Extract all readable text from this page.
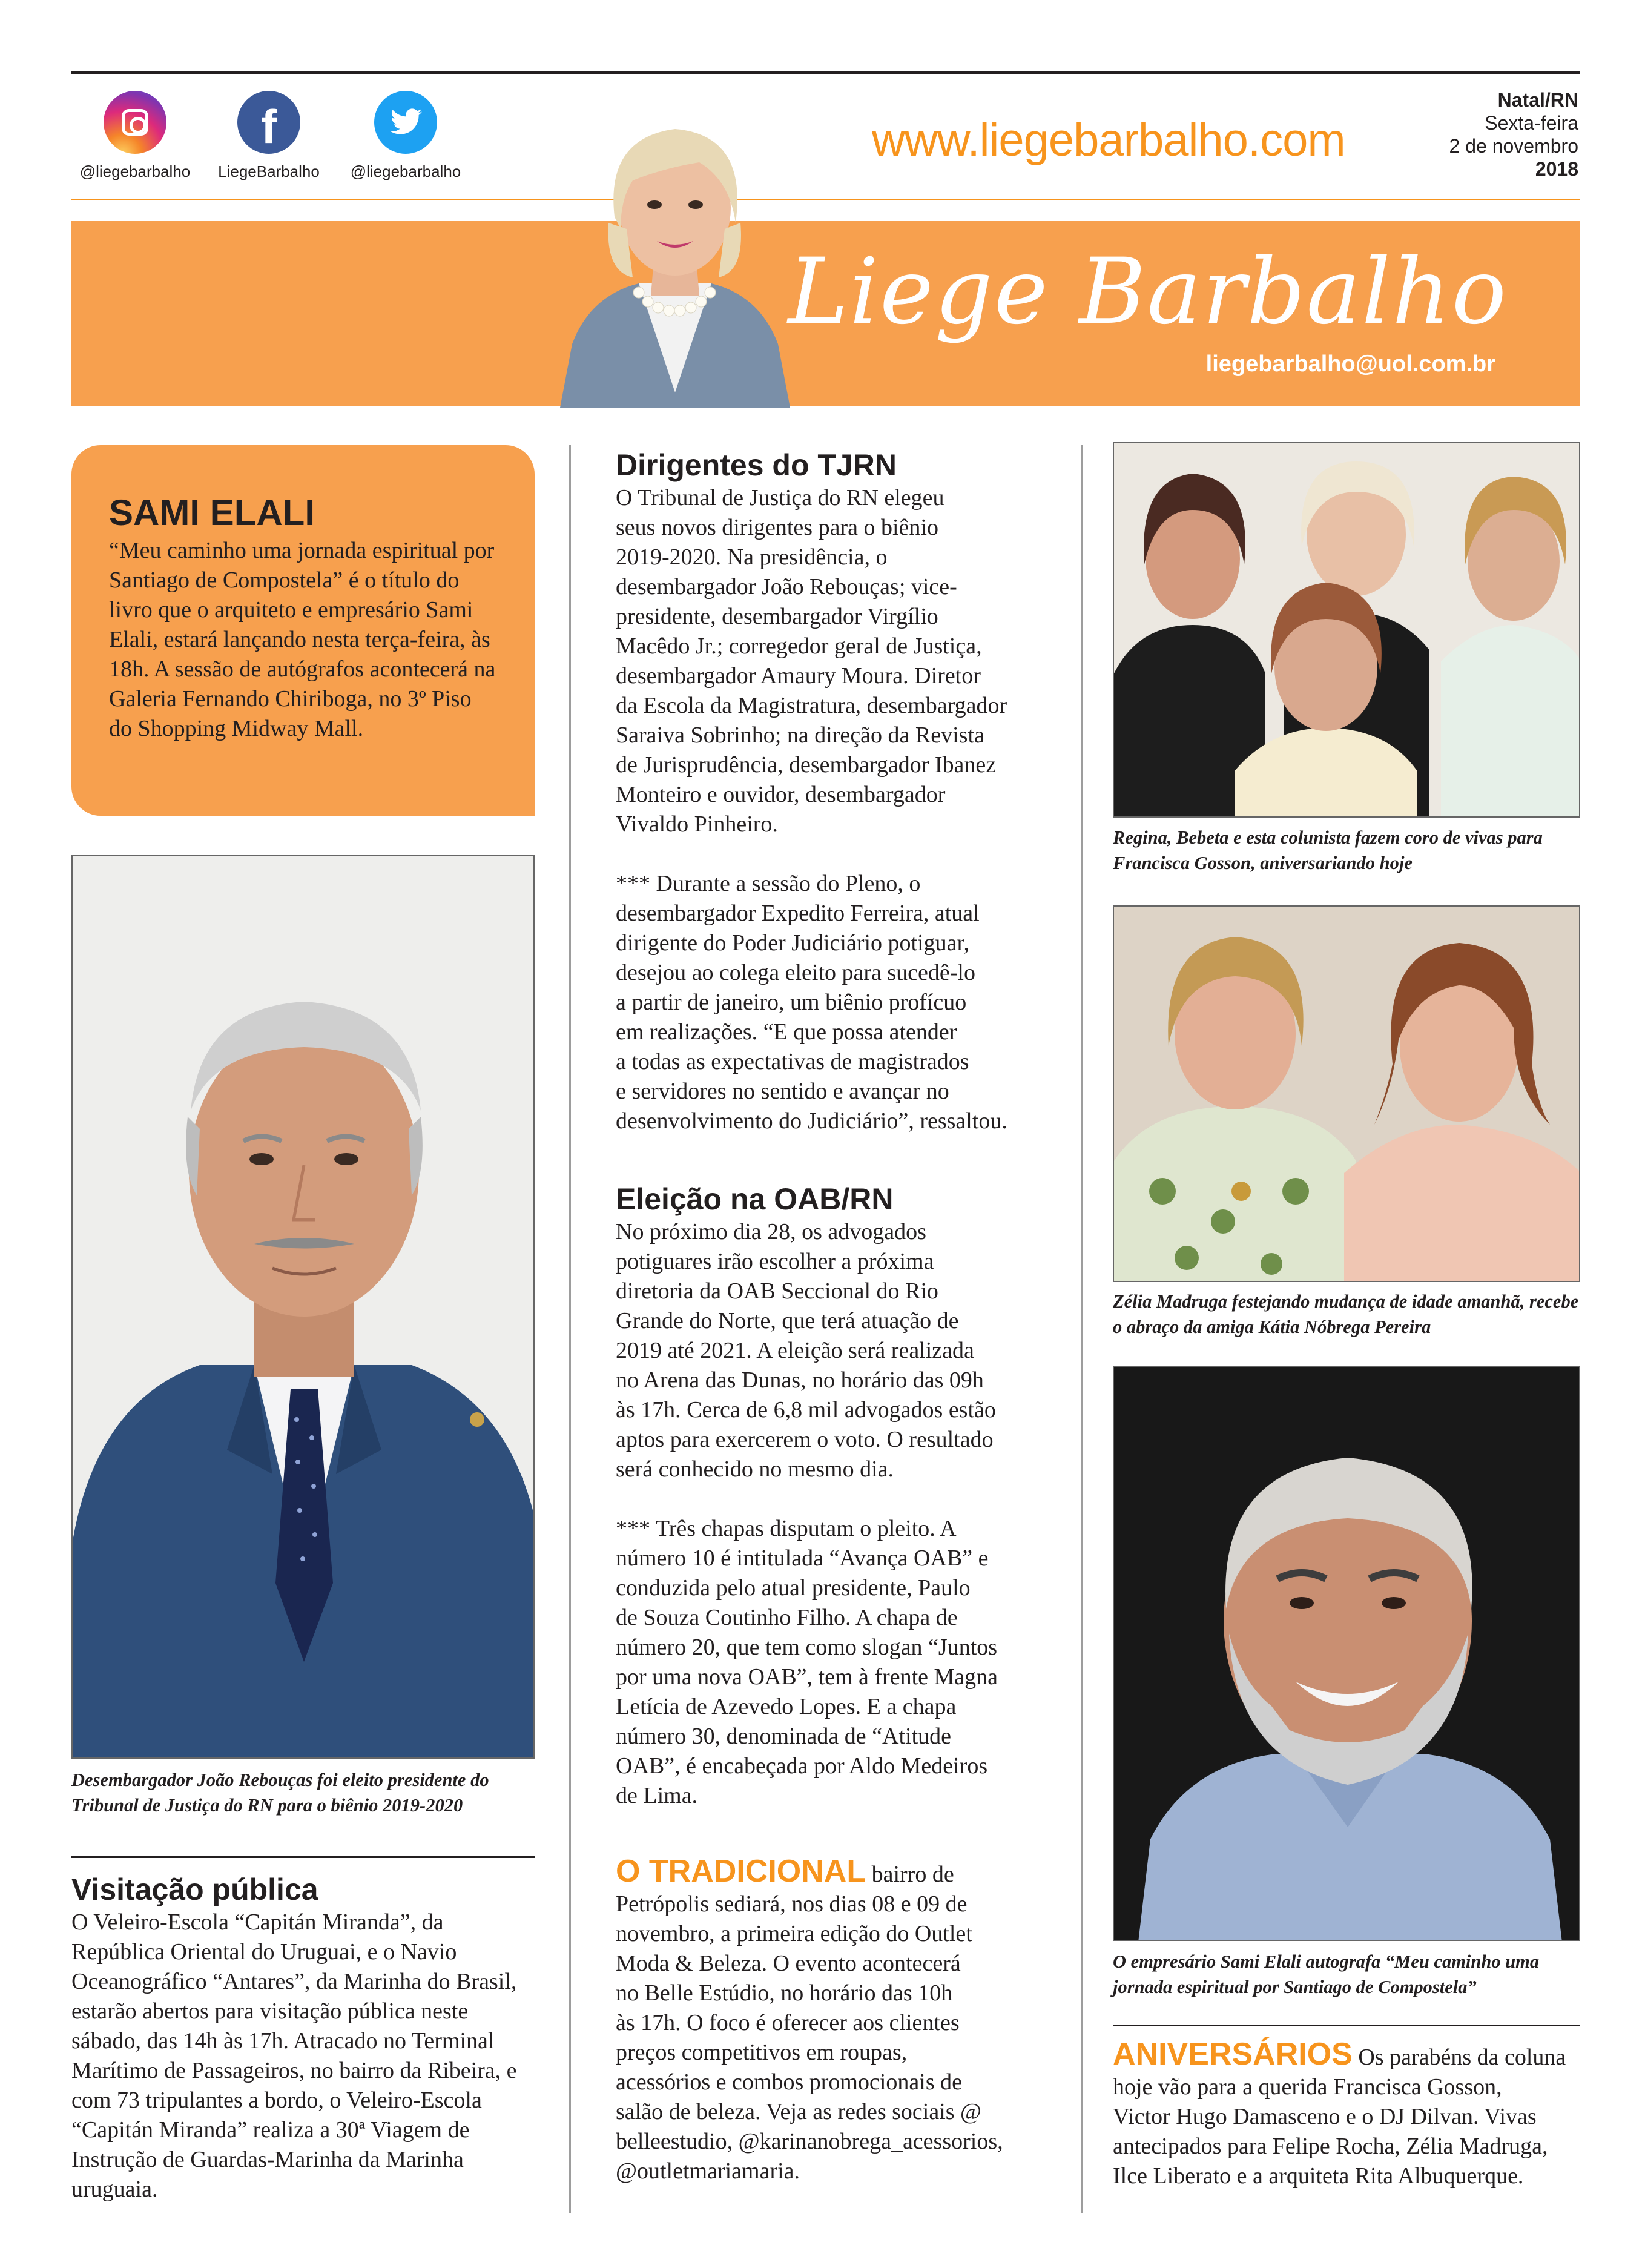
@liegebarbalho
f
LiegeBarbalho	@liegebarbalho
www.liegebarbalho.com
Natal/RN
Sexta-feira
2 de novembro
2018
Liege Barbalho
liegebarbalho@uol.com.br
SAMI ELALI

“Meu caminho uma jornada espiritual por Santiago de Compostela” é o título do livro que o arquiteto e empresário Sami Elali, estará lançando nesta terça-feira, às 18h. A sessão de autógrafos acontecerá na Galeria Fernando Chiriboga, no 3º Piso do Shopping Midway Mall.

Desembargador João Rebouças foi eleito presidente do Tribunal de Justiça do RN para o biênio 2019-2020
Visitação pública

O Veleiro-Escola “Capitán Miranda”, da República Oriental do Uruguai, e o Navio Oceanográfico “Antares”, da Marinha do Brasil, estarão abertos para visitação pública neste sábado, das 14h às 17h. Atracado no Terminal Marítimo de Passageiros, no bairro da Ribeira, e com 73 tripulantes a bordo, o Veleiro-Escola “Capitán Miranda” realiza a 30ª Viagem de Instrução de Guardas-Marinha da Marinha uruguaia.

Dirigentes do TJRN

O Tribunal de Justiça do RN elegeu
seus novos dirigentes para o biênio
2019-2020. Na presidência, o
desembargador João Rebouças; vice-
presidente, desembargador Virgílio
Macêdo Jr.; corregedor geral de Justiça,
desembargador Amaury Moura. Diretor
da Escola da Magistratura, desembargador
Saraiva Sobrinho; na direção da Revista
de Jurisprudência, desembargador Ibanez
Monteiro e ouvidor, desembargador
Vivaldo Pinheiro.

*** Durante a sessão do Pleno, o
desembargador Expedito Ferreira, atual
dirigente do Poder Judiciário potiguar,
desejou ao colega eleito para sucedê-lo
a partir de janeiro, um biênio profícuo
em realizações. “E que possa atender
a todas as expectativas de magistrados
e servidores no sentido e avançar no
desenvolvimento do Judiciário”, ressaltou.

Eleição na OAB/RN

No próximo dia 28, os advogados
potiguares irão escolher a próxima
diretoria da OAB Seccional do Rio
Grande do Norte, que terá atuação de
2019 até 2021. A eleição será realizada
no Arena das Dunas, no horário das 09h
às 17h. Cerca de 6,8 mil advogados estão
aptos para exercerem o voto. O resultado
será conhecido no mesmo dia.

*** Três chapas disputam o pleito. A
número 10 é intitulada “Avança OAB” e
conduzida pelo atual presidente, Paulo
de Souza Coutinho Filho. A chapa de
número 20, que tem como slogan “Juntos
por uma nova OAB”, tem à frente Magna
Letícia de Azevedo Lopes. E a chapa
número 30, denominada de “Atitude
OAB”, é encabeçada por Aldo Medeiros
de Lima.

O TRADICIONAL bairro de
Petrópolis sediará, nos dias 08 e 09 de
novembro, a primeira edição do Outlet
Moda & Beleza. O evento acontecerá
no Belle Estúdio, no horário das 10h
às 17h. O foco é oferecer aos clientes
preços competitivos em roupas,
acessórios e combos promocionais de
salão de beleza. Veja as redes sociais @
belleestudio, @karinanobrega_acessorios,
@outletmariamaria.

Regina, Bebeta e esta colunista fazem coro de vivas para Francisca Gosson, aniversariando hoje
Zélia Madruga festejando mudança de idade amanhã, recebe o abraço da amiga Kátia Nóbrega Pereira
O empresário Sami Elali autografa “Meu caminho uma jornada espiritual por Santiago de Compostela”

ANIVERSÁRIOS Os parabéns da coluna
hoje vão para a querida Francisca Gosson,
Victor Hugo Damasceno e o DJ Dilvan. Vivas
antecipados para Felipe Rocha, Zélia Madruga,
Ilce Liberato e a arquiteta Rita Albuquerque.
